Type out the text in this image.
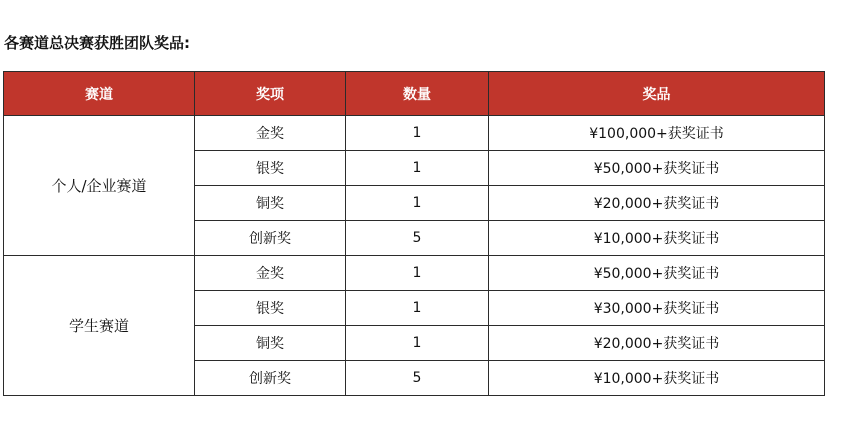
各赛道总决赛获胜团队奖品:
赛道	奖项	数量	奖品
个人/企业赛道	金奖	1	¥100,000+获奖证书
	银奖	1	¥50,000+获奖证书
	铜奖	1	¥20,000+获奖证书
	创新奖	5	¥10,000+获奖证书
学生赛道	金奖	1	¥50,000+获奖证书
	银奖	1	¥30,000+获奖证书
	铜奖	1	¥20,000+获奖证书
	创新奖	5	¥10,000+获奖证书
